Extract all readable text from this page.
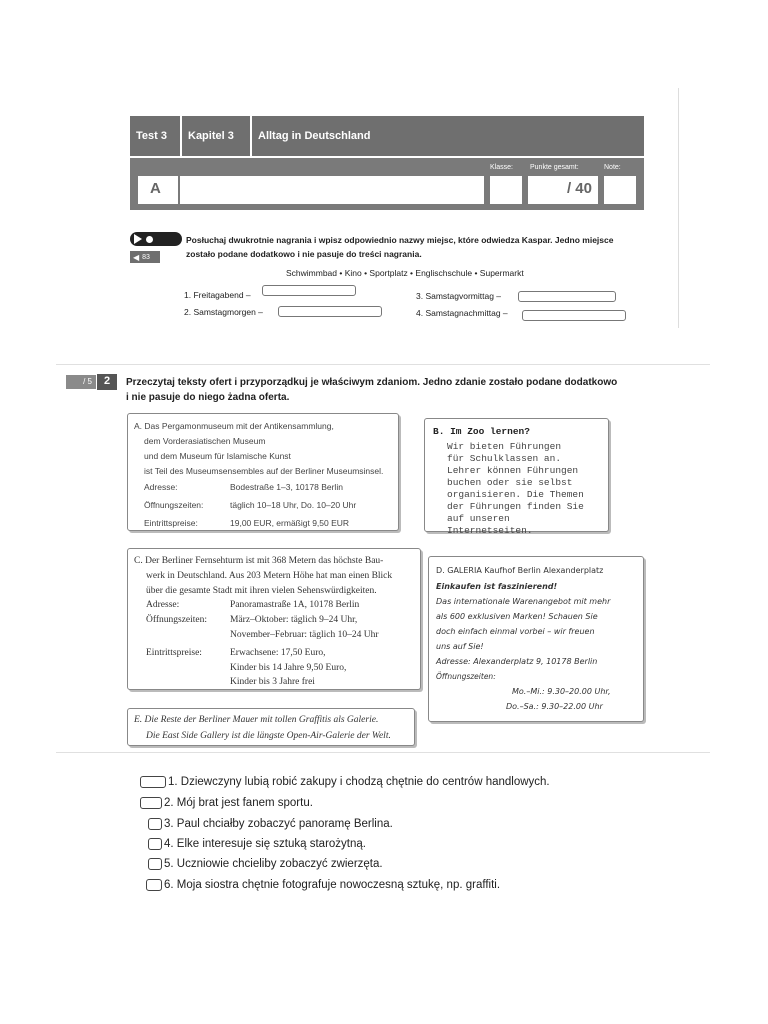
Test 3	Kapitel 3	Alltag in Deutschland
Klasse: Punkte gesamt:	Note:
A	/ 40
◀ 83
Posłuchaj dwukrotnie nagrania i wpisz odpowiednio nazwy miejsc, które odwiedza Kaspar. Jedno miejsce
zostało podane dodatkowo i nie pasuje do treści nagrania.
Schwimmbad • Kino • Sportplatz • Englischschule • Supermarkt
1. Freitagabend –
2. Samstagmorgen –
3. Samstagvormittag –
4. Samstagnachmittag –
/ 5	2	Przeczytaj teksty ofert i przyporządkuj je właściwym zdaniom. Jedno zdanie zostało podane dodatkowo
i nie pasuje do niego żadna oferta.
A. Das Pergamonmuseum mit der Antikensammlung,
dem Vorderasiatischen Museum
und dem Museum für Islamische Kunst
ist Teil des Museumsensembles auf der Berliner Museumsinsel.
Adresse:	Bodestraße 1–3, 10178 Berlin
Öffnungszeiten:	täglich 10–18 Uhr, Do. 10–20 Uhr
Eintrittspreise:	19,00 EUR, ermäßigt 9,50 EUR
B. Im Zoo lernen?
Wir bieten Führungen
für Schulklassen an.
Lehrer können Führungen
buchen oder sie selbst
organisieren. Die Themen
der Führungen finden Sie
auf unseren Internetseiten.
C. Der Berliner Fernsehturm ist mit 368 Metern das höchste Bau-
werk in Deutschland. Aus 203 Metern Höhe hat man einen Blick
über die gesamte Stadt mit ihren vielen Sehenswürdigkeiten.
Adresse:	Panoramastraße 1A, 10178 Berlin
Öffnungszeiten:	März–Oktober: täglich 9–24 Uhr,
November–Februar: täglich 10–24 Uhr
Eintrittspreise:	Erwachsene: 17,50 Euro,
Kinder bis 14 Jahre 9,50 Euro,
Kinder bis 3 Jahre frei
D. GALERIA Kaufhof Berlin Alexanderplatz
Einkaufen ist faszinierend!
Das internationale Warenangebot mit mehr
als 600 exklusiven Marken! Schauen Sie
doch einfach einmal vorbei – wir freuen
uns auf Sie!
Adresse: Alexanderplatz 9, 10178 Berlin
Öffnungszeiten:
Mo.–Mi.: 9.30–20.00 Uhr,
Do.–Sa.: 9.30–22.00 Uhr
E. Die Reste der Berliner Mauer mit tollen Graffitis als Galerie.
Die East Side Gallery ist die längste Open-Air-Galerie der Welt.
1. Dziewczyny lubią robić zakupy i chodzą chętnie do centrów handlowych.
2. Mój brat jest fanem sportu.
3. Paul chciałby zobaczyć panoramę Berlina.
4. Elke interesuje się sztuką starożytną.
5. Uczniowie chcieliby zobaczyć zwierzęta.
6. Moja siostra chętnie fotografuje nowoczesną sztukę, np. graffiti.
